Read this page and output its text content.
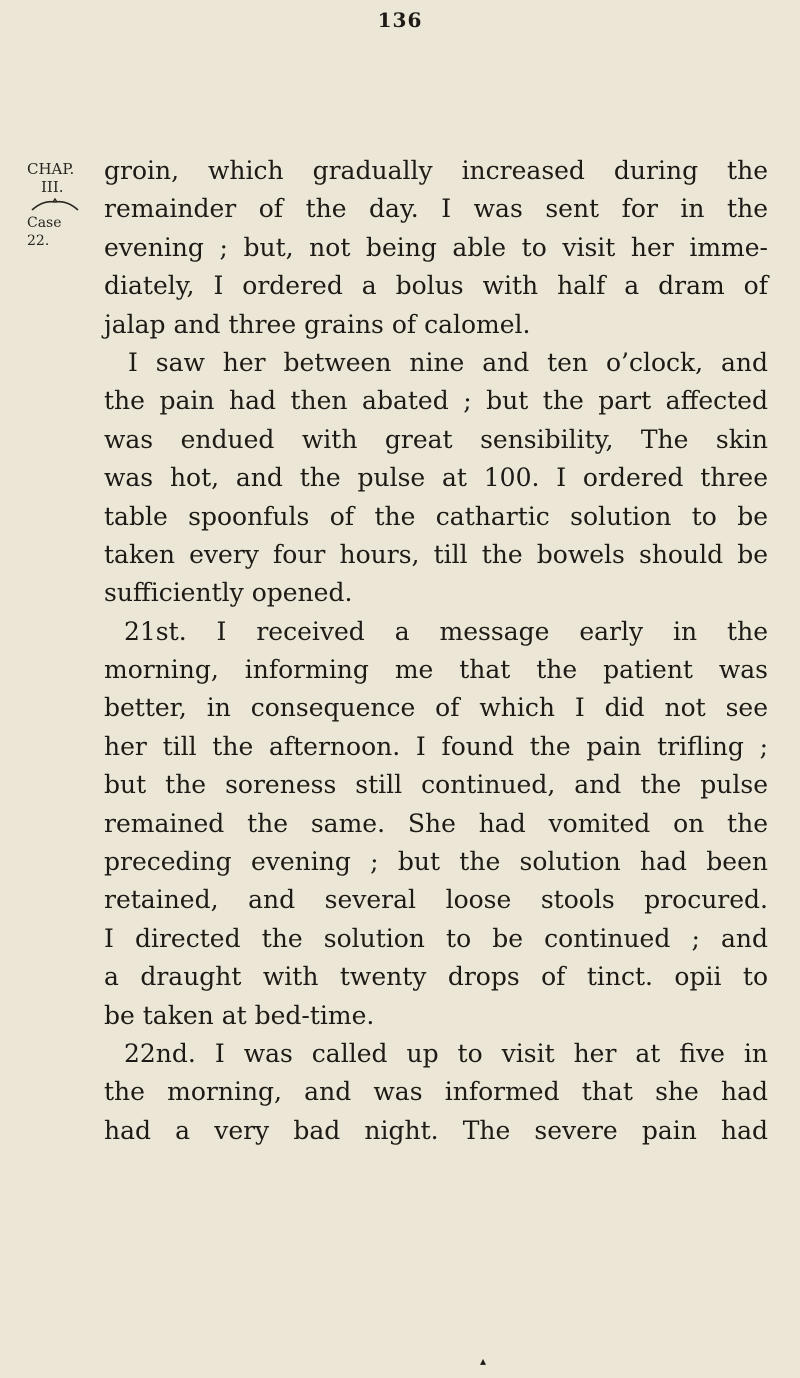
136
CHAP.
III.
Case 22.
groin, which gradually increased during the
remainder of the day. I was sent for in the
evening ; but, not being able to visit her imme-
diately, I ordered a bolus with half a dram of
jalap and three grains of calomel.
I saw her between nine and ten o’clock, and
the pain had then abated ; but the part affected
was endued with great sensibility, The skin
was hot, and the pulse at 100. I ordered three
table spoonfuls of the cathartic solution to be
taken every four hours, till the bowels should be
sufficiently opened.
21st. I received a message early in the
morning, informing me that the patient was
better, in consequence of which I did not see
her till the afternoon. I found the pain trifling ;
but the soreness still continued, and the pulse
remained the same. She had vomited on the
preceding evening ; but the solution had been
retained, and several loose stools procured.
I directed the solution to be continued ; and
a draught with twenty drops of tinct. opii to
be taken at bed-time.
22nd. I was called up to visit her at five in
the morning, and was informed that she had
had a very bad night. The severe pain had
▴
